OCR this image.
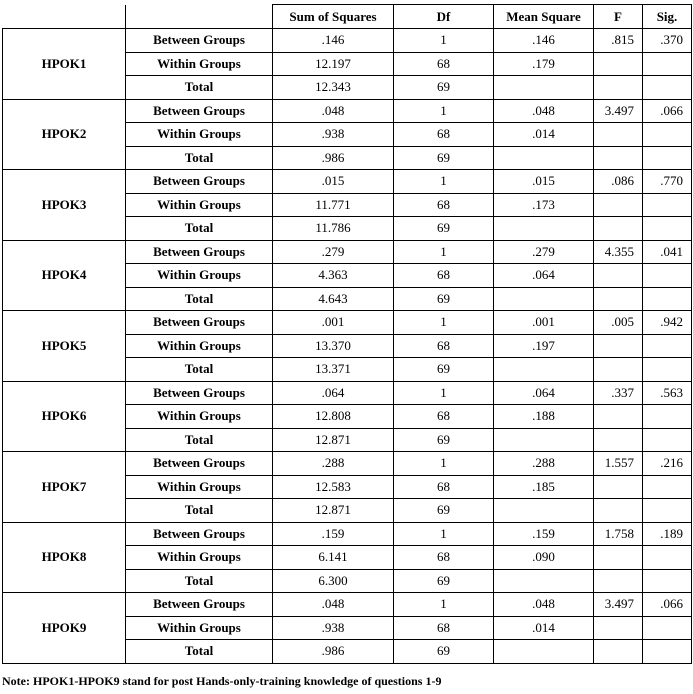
		Sum of Squares	Df	Mean Square	F	Sig.
HPOK1	Between Groups	.146	1	.146	.815	.370
	Within Groups	12.197	68	.179		
	Total	12.343	69			
HPOK2	Between Groups	.048	1	.048	3.497	.066
	Within Groups	.938	68	.014		
	Total	.986	69			
HPOK3	Between Groups	.015	1	.015	.086	.770
	Within Groups	11.771	68	.173		
	Total	11.786	69			
HPOK4	Between Groups	.279	1	.279	4.355	.041
	Within Groups	4.363	68	.064		
	Total	4.643	69			
HPOK5	Between Groups	.001	1	.001	.005	.942
	Within Groups	13.370	68	.197		
	Total	13.371	69			
HPOK6	Between Groups	.064	1	.064	.337	.563
	Within Groups	12.808	68	.188		
	Total	12.871	69			
HPOK7	Between Groups	.288	1	.288	1.557	.216
	Within Groups	12.583	68	.185		
	Total	12.871	69			
HPOK8	Between Groups	.159	1	.159	1.758	.189
	Within Groups	6.141	68	.090		
	Total	6.300	69			
HPOK9	Between Groups	.048	1	.048	3.497	.066
	Within Groups	.938	68	.014		
	Total	.986	69			
Note: HPOK1-HPOK9 stand for post Hands-only-training knowledge of questions 1-9
